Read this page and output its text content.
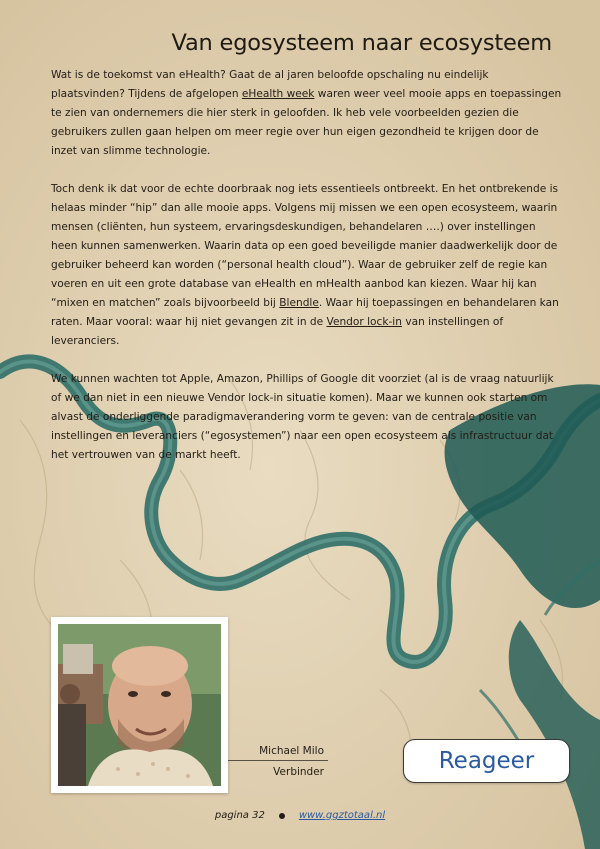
Van egosysteem naar ecosysteem

Wat is de toekomst van eHealth? Gaat de al jaren beloofde opschaling nu eindelijk plaatsvinden? Tijdens de afgelopen eHealth week waren weer veel mooie apps en toepassingen te zien van ondernemers die hier sterk in geloofden. Ik heb vele voorbeelden gezien die gebruikers zullen gaan helpen om meer regie over hun eigen gezondheid te krijgen door de inzet van slimme technologie.

Toch denk ik dat voor de echte doorbraak nog iets essentieels ontbreekt. En het ontbrekende is helaas minder “hip” dan alle mooie apps. Volgens mij missen we een open ecosysteem, waarin mensen (cliënten, hun systeem, ervaringsdeskundigen, behandelaren ….) over instellingen heen kunnen samenwerken. Waarin data op een goed beveiligde manier daadwerkelijk door de gebruiker beheerd kan worden (“personal health cloud”). Waar de gebruiker zelf de regie kan voeren en uit een grote database van eHealth en mHealth aanbod kan kiezen. Waar hij kan “mixen en matchen” zoals bijvoorbeeld bij Blendle. Waar hij toepassingen en behandelaren kan raten. Maar vooral: waar hij niet gevangen zit in de Vendor lock-in van instellingen of leveranciers.

We kunnen wachten tot Apple, Amazon, Phillips of Google dit voorziet (al is de vraag natuurlijk of we dan niet in een nieuwe Vendor lock-in situatie komen). Maar we kunnen ook starten om alvast de onderliggende paradigmaverandering vorm te geven: van de centrale positie van instellingen en leveranciers (“egosystemen”) naar een open ecosysteem als infrastructuur dat het vertrouwen van de markt heeft.

Michael Milo
Verbinder	Reageer
pagina 32	www.ggztotaal.nl
